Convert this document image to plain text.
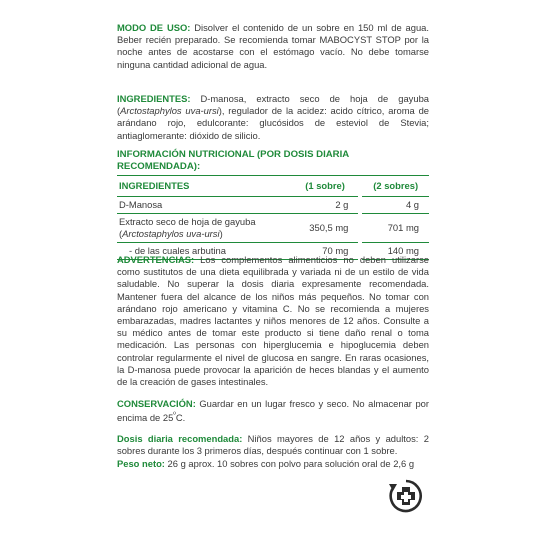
MODO DE USO: Disolver el contenido de un sobre en 150 ml de agua. Beber recién preparado. Se recomienda tomar MABOCYST STOP por la noche antes de acostarse con el estómago vacío. No debe tomarse ninguna cantidad adicional de agua.

INGREDIENTES: D-manosa, extracto seco de hoja de gayuba (Arctostaphylos uva-ursi), regulador de la acidez: acido cítrico, aroma de arándano rojo, edulcorante: glucósidos de esteviol de Stevia; antiaglomerante: dióxido de silicio.

INFORMACIÓN NUTRICIONAL (POR DOSIS DIARIA RECOMENDADA):

INGREDIENTES	(1 sobre)	(2 sobres)
D-Manosa	2 g	4 g
Extracto seco de hoja de gayuba
(Arctostaphylos uva-ursi)	350,5 mg	701 mg
- de las cuales arbutina	70 mg	140 mg

ADVERTENCIAS: Los complementos alimenticios no deben utilizarse como sustitutos de una dieta equilibrada y variada ni de un estilo de vida saludable. No superar la dosis diaria expresamente recomendada. Mantener fuera del alcance de los niños más pequeños. No tomar con arándano rojo americano y vitamina C. No se recomienda a mujeres embarazadas, madres lactantes y niños menores de 12 años. Consulte a su médico antes de tomar este producto si tiene daño renal o toma medicación. Las personas con hiperglucemia e hipoglucemia deben controlar regularmente el nivel de glucosa en sangre. En raras ocasiones, la D-manosa puede provocar la aparición de heces blandas y el aumento de la creación de gases intestinales.

CONSERVACIÓN: Guardar en un lugar fresco y seco. No almacenar por encima de $25^ºC$.

Dosis diaria recomendada: Niños mayores de 12 años y adultos: 2 sobres durante los 3 primeros días, después continuar con 1 sobre.

Peso neto: 26 g aprox. 10 sobres con polvo para solución oral de 2,6 g
